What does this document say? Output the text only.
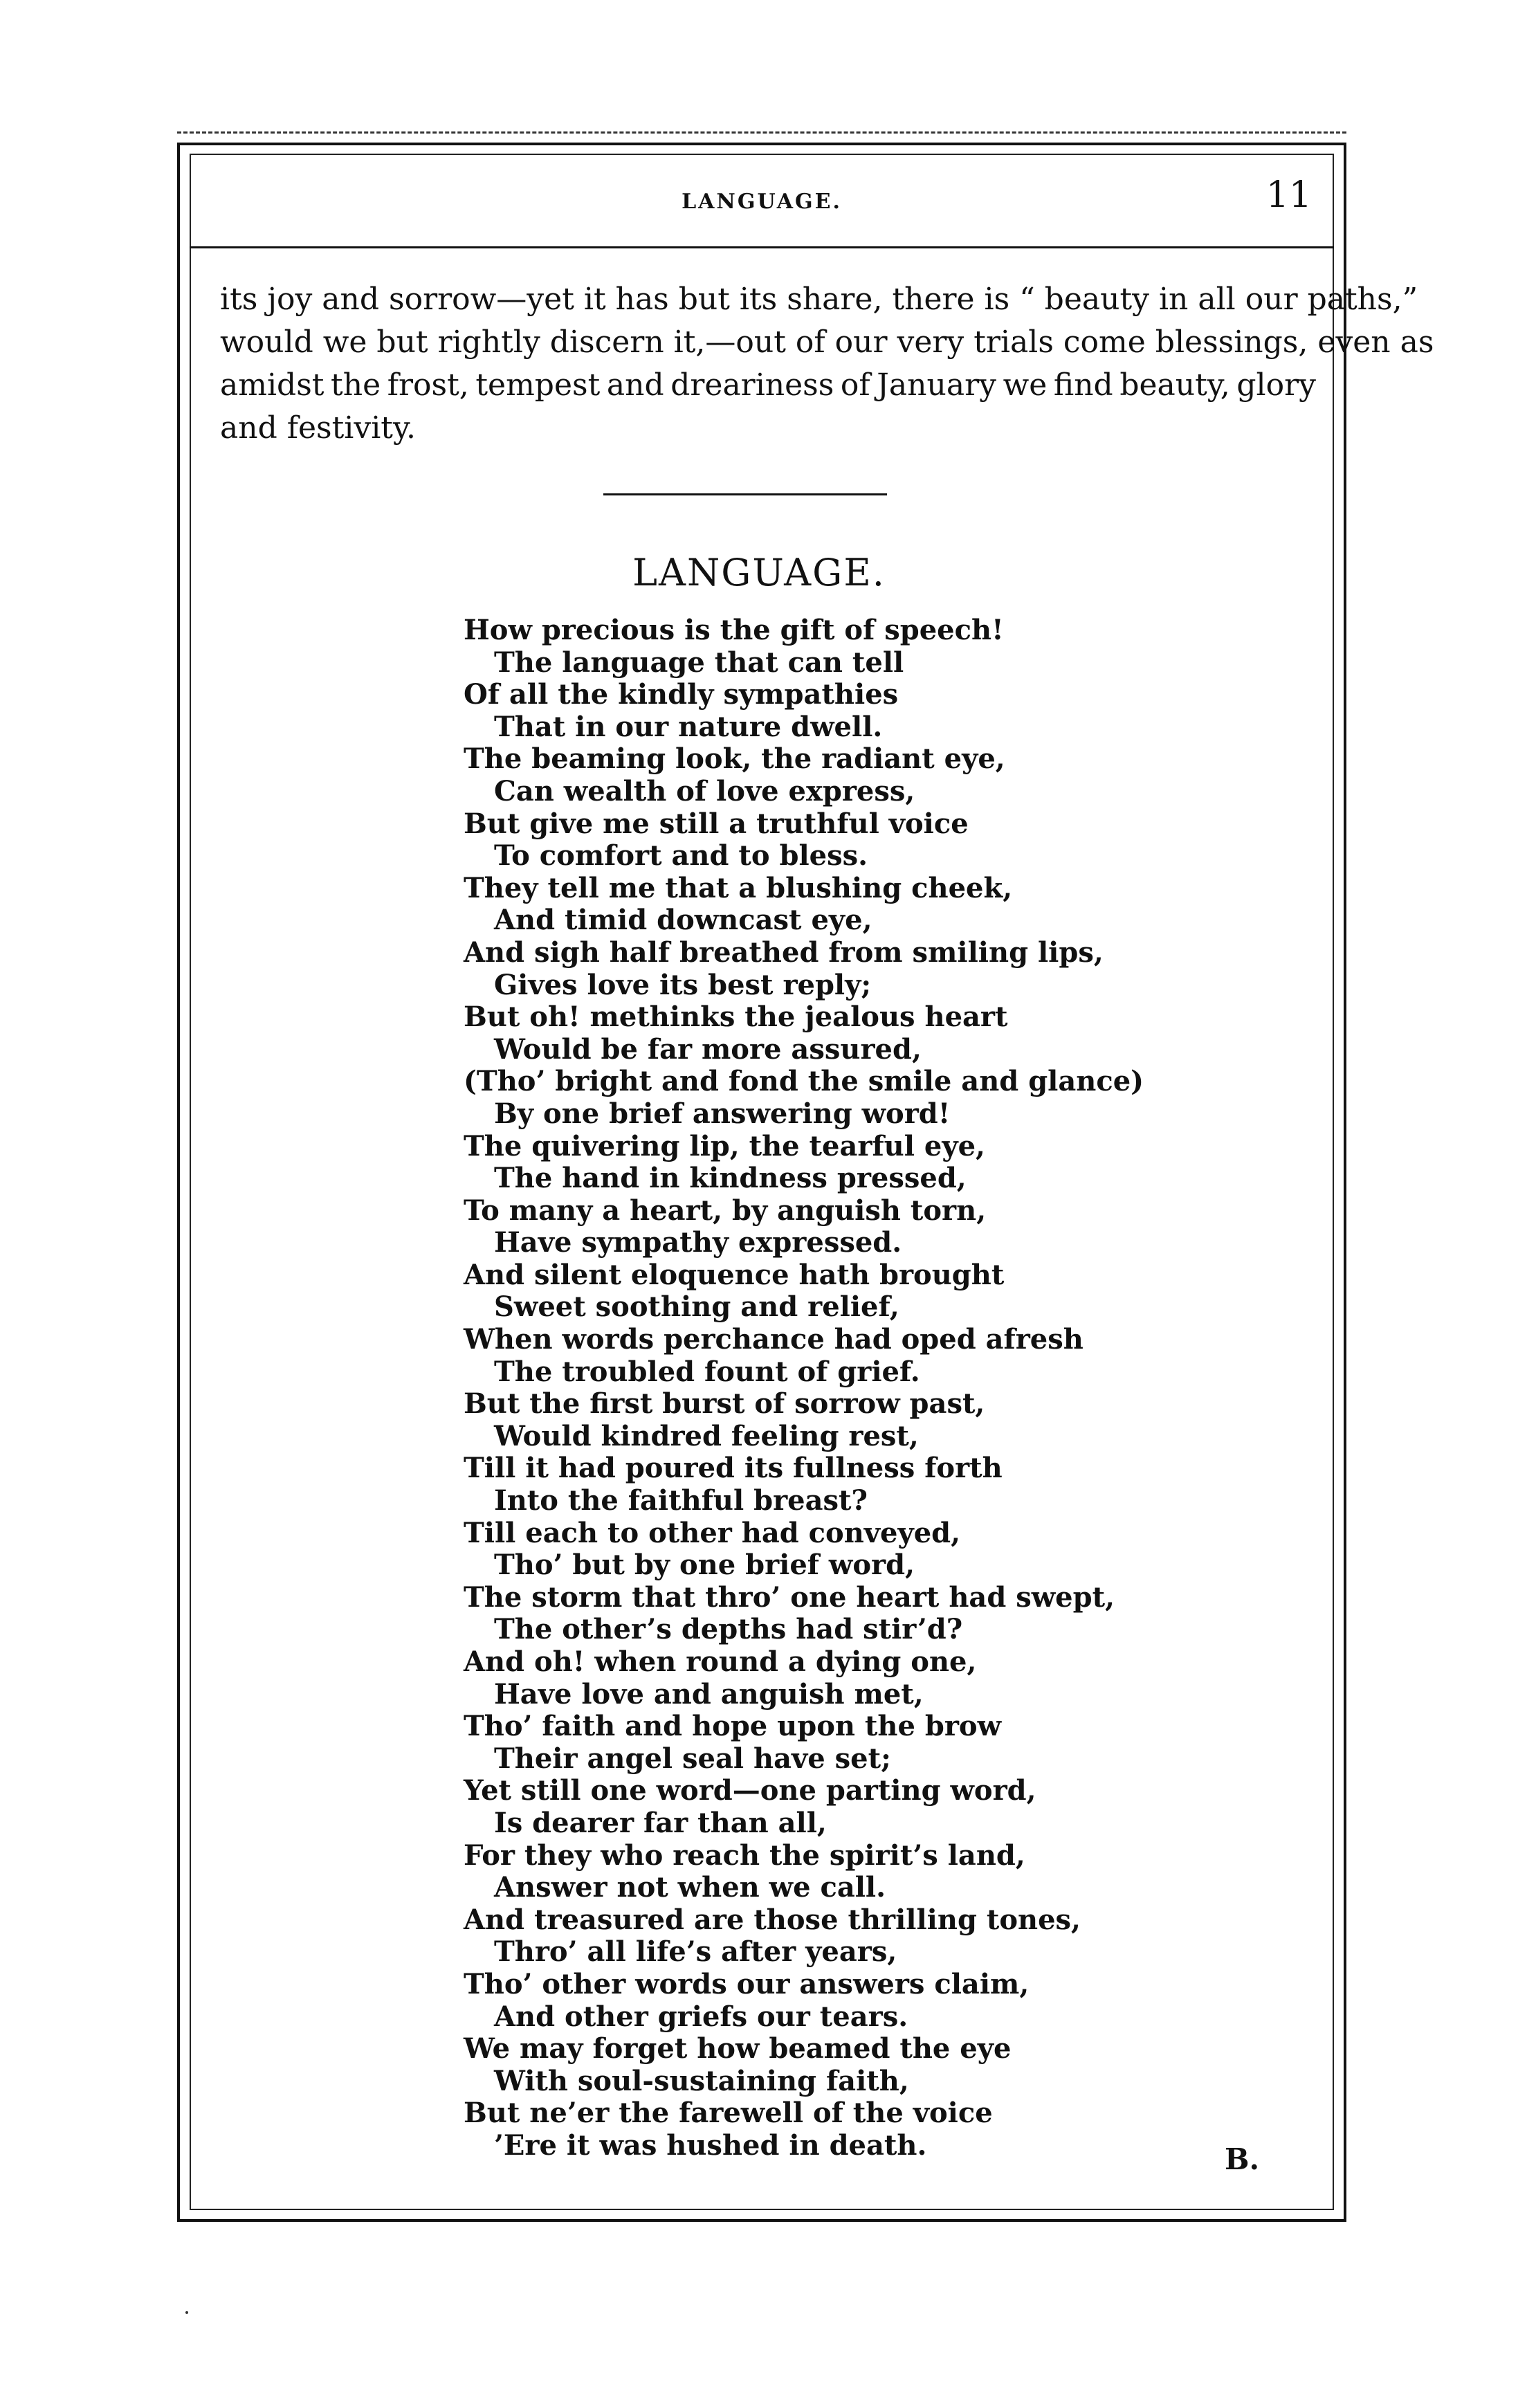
LANGUAGE.	11
its joy and sorrow—yet it has but its share, there is “ beauty in all our paths,”
would we but rightly discern it,—out of our very trials come blessings, even as
amidst the frost, tempest and dreariness of January we find beauty, glory
and festivity.
LANGUAGE.
How precious is the gift of speech!
The language that can tell
Of all the kindly sympathies
That in our nature dwell.
The beaming look, the radiant eye,
Can wealth of love express,
But give me still a truthful voice
To comfort and to bless.
They tell me that a blushing cheek,
And timid downcast eye,
And sigh half breathed from smiling lips,
Gives love its best reply;
But oh! methinks the jealous heart
Would be far more assured,
(Tho’ bright and fond the smile and glance)
By one brief answering word!
The quivering lip, the tearful eye,
The hand in kindness pressed,
To many a heart, by anguish torn,
Have sympathy expressed.
And silent eloquence hath brought
Sweet soothing and relief,
When words perchance had oped afresh
The troubled fount of grief.
But the first burst of sorrow past,
Would kindred feeling rest,
Till it had poured its fullness forth
Into the faithful breast?
Till each to other had conveyed,
Tho’ but by one brief word,
The storm that thro’ one heart had swept,
The other’s depths had stir’d?
And oh! when round a dying one,
Have love and anguish met,
Tho’ faith and hope upon the brow
Their angel seal have set;
Yet still one word—one parting word,
Is dearer far than all,
For they who reach the spirit’s land,
Answer not when we call.
And treasured are those thrilling tones,
Thro’ all life’s after years,
Tho’ other words our answers claim,
And other griefs our tears.
We may forget how beamed the eye
With soul-sustaining faith,
But ne’er the farewell of the voice
’Ere it was hushed in death.	B.
